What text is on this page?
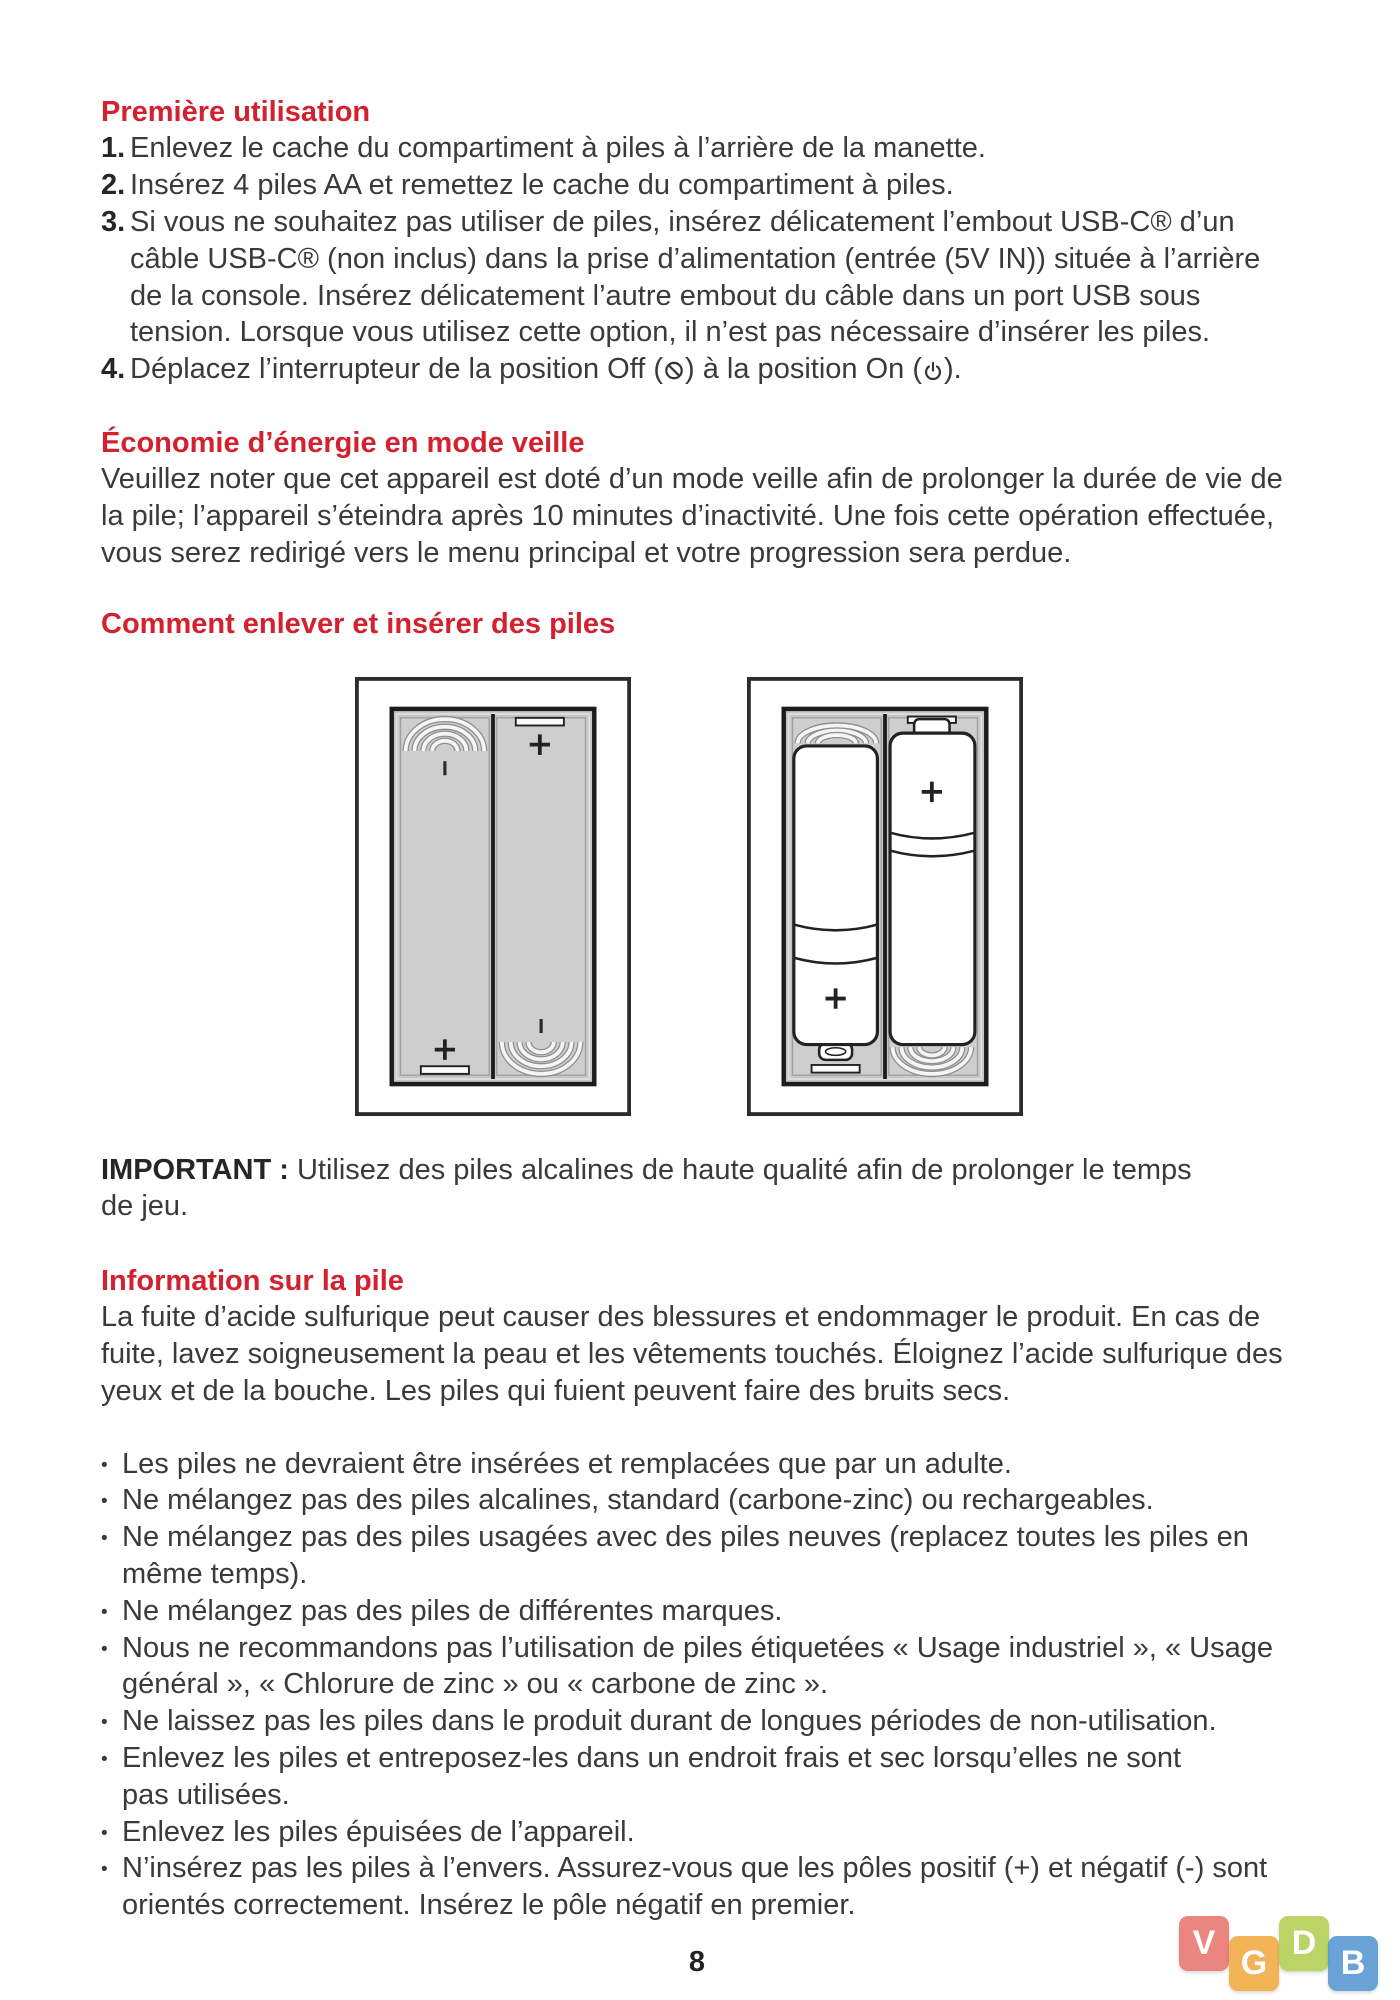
Première utilisation
1. Enlevez le cache du compartiment à piles à l’arrière de la manette.
2. Insérez 4 piles AA et remettez le cache du compartiment à piles.
3. Si vous ne souhaitez pas utiliser de piles, insérez délicatement l’embout USB-C® d’un
câble USB-C® (non inclus) dans la prise d’alimentation (entrée (5V IN)) située à l’arrière
de la console. Insérez délicatement l’autre embout du câble dans un port USB sous
tension. Lorsque vous utilisez cette option, il n’est pas nécessaire d’insérer les piles.
4. Déplacez l’interrupteur de la position Off ( ) à la position On ( ).
Économie d’énergie en mode veille
Veuillez noter que cet appareil est doté d’un mode veille afin de prolonger la durée de vie de
la pile; l’appareil s’éteindra après 10 minutes d’inactivité. Une fois cette opération effectuée,
vous serez redirigé vers le menu principal et votre progression sera perdue.
Comment enlever et insérer des piles
IMPORTANT : Utilisez des piles alcalines de haute qualité afin de prolonger le temps
de jeu.
Information sur la pile
La fuite d’acide sulfurique peut causer des blessures et endommager le produit. En cas de
fuite, lavez soigneusement la peau et les vêtements touchés. Éloignez l’acide sulfurique des
yeux et de la bouche. Les piles qui fuient peuvent faire des bruits secs.
• Les piles ne devraient être insérées et remplacées que par un adulte.
• Ne mélangez pas des piles alcalines, standard (carbone-zinc) ou rechargeables.
• Ne mélangez pas des piles usagées avec des piles neuves (replacez toutes les piles en
même temps).
• Ne mélangez pas des piles de différentes marques.
• Nous ne recommandons pas l’utilisation de piles étiquetées « Usage industriel », « Usage
général », « Chlorure de zinc » ou « carbone de zinc ».
• Ne laissez pas les piles dans le produit durant de longues périodes de non-utilisation.
• Enlevez les piles et entreposez-les dans un endroit frais et sec lorsqu’elles ne sont
pas utilisées.
• Enlevez les piles épuisées de l’appareil.
• N’insérez pas les piles à l’envers. Assurez-vous que les pôles positif (+) et négatif (-) sont
orientés correctement. Insérez le pôle négatif en premier.
8	V
G
D
B
